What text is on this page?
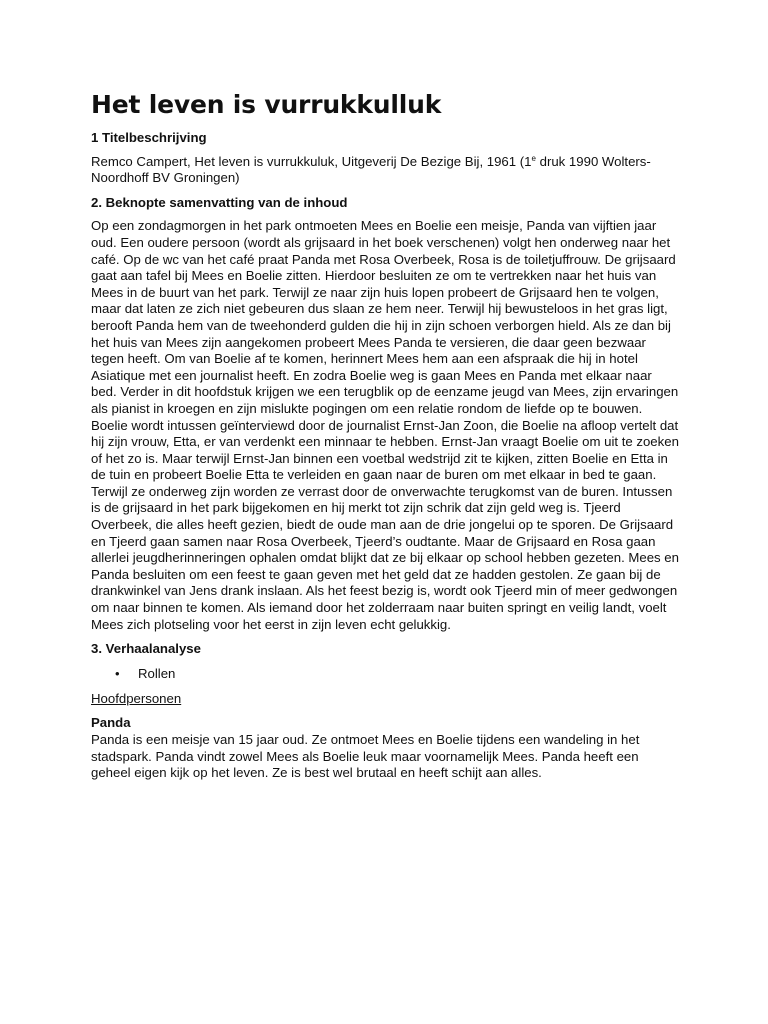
Het leven is vurrukkulluk
1 Titelbeschrijving

Remco Campert, Het leven is vurrukkuluk, Uitgeverij De Bezige Bij, 1961 (1e druk 1990 Wolters-Noordhoff BV Groningen)

2. Beknopte samenvatting van de inhoud

Op een zondagmorgen in het park ontmoeten Mees en Boelie een meisje, Panda van vijftien jaar oud. Een oudere persoon (wordt als grijsaard in het boek verschenen) volgt hen onderweg naar het café. Op de wc van het café praat Panda met Rosa Overbeek, Rosa is de toiletjuffrouw. De grijsaard gaat aan tafel bij Mees en Boelie zitten. Hierdoor besluiten ze om te vertrekken naar het huis van Mees in de buurt van het park. Terwijl ze naar zijn huis lopen probeert de Grijsaard hen te volgen, maar dat laten ze zich niet gebeuren dus slaan ze hem neer. Terwijl hij bewusteloos in het gras ligt, berooft Panda hem van de tweehonderd gulden die hij in zijn schoen verborgen hield. Als ze dan bij het huis van Mees zijn aangekomen probeert Mees Panda te versieren, die daar geen bezwaar tegen heeft. Om van Boelie af te komen, herinnert Mees hem aan een afspraak die hij in hotel Asiatique met een journalist heeft. En zodra Boelie weg is gaan Mees en Panda met elkaar naar bed. Verder in dit hoofdstuk krijgen we een terugblik op de eenzame jeugd van Mees, zijn ervaringen als pianist in kroegen en zijn mislukte pogingen om een relatie rondom de liefde op te bouwen. Boelie wordt intussen geïnterviewd door de journalist Ernst-Jan Zoon, die Boelie na afloop vertelt dat hij zijn vrouw, Etta, er van verdenkt een minnaar te hebben. Ernst-Jan vraagt Boelie om uit te zoeken of het zo is. Maar terwijl Ernst-Jan binnen een voetbal wedstrijd zit te kijken, zitten Boelie en Etta in de tuin en probeert Boelie Etta te verleiden en gaan naar de buren om met elkaar in bed te gaan. Terwijl ze onderweg zijn worden ze verrast door de onverwachte terugkomst van de buren. Intussen is de grijsaard in het park bijgekomen en hij merkt tot zijn schrik dat zijn geld weg is. Tjeerd Overbeek, die alles heeft gezien, biedt de oude man aan de drie jongelui op te sporen. De Grijsaard en Tjeerd gaan samen naar Rosa Overbeek, Tjeerd’s oudtante. Maar de Grijsaard en Rosa gaan allerlei jeugdherinneringen ophalen omdat blijkt dat ze bij elkaar op school hebben gezeten. Mees en Panda besluiten om een feest te gaan geven met het geld dat ze hadden gestolen. Ze gaan bij de drankwinkel van Jens drank inslaan. Als het feest bezig is, wordt ook Tjeerd min of meer gedwongen om naar binnen te komen. Als iemand door het zolderraam naar buiten springt en veilig landt, voelt Mees zich plotseling voor het eerst in zijn leven echt gelukkig.

3. Verhaalanalyse
• Rollen

Hoofdpersonen

Panda
Panda is een meisje van 15 jaar oud. Ze ontmoet Mees en Boelie tijdens een wandeling in het stadspark. Panda vindt zowel Mees als Boelie leuk maar voornamelijk Mees. Panda heeft een geheel eigen kijk op het leven. Ze is best wel brutaal en heeft schijt aan alles.
